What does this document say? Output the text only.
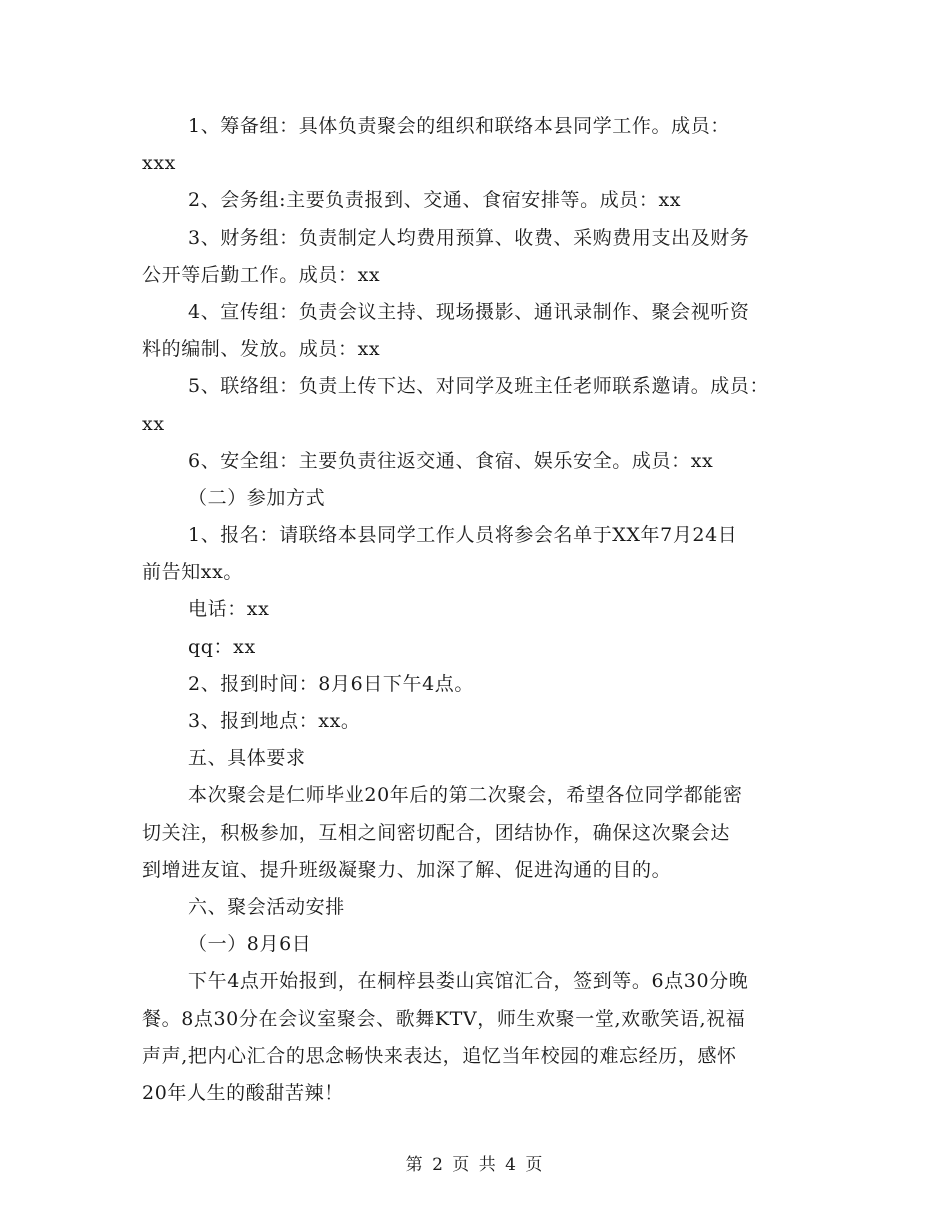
1、筹备组：具体负责聚会的组织和联络本县同学工作。成员：
xxx
2、会务组:主要负责报到、交通、食宿安排等。成员：xx
3、财务组：负责制定人均费用预算、收费、采购费用支出及财务
公开等后勤工作。成员：xx
4、宣传组：负责会议主持、现场摄影、通讯录制作、聚会视听资
料的编制、发放。成员：xx
5、联络组：负责上传下达、对同学及班主任老师联系邀请。成员：
xx
6、安全组：主要负责往返交通、食宿、娱乐安全。成员：xx
（二）参加方式
1、报名：请联络本县同学工作人员将参会名单于XX年7月24日
前告知xx。
电话：xx
qq：xx
2、报到时间：8月6日下午4点。
3、报到地点：xx。
五、具体要求
本次聚会是仁师毕业20年后的第二次聚会，希望各位同学都能密
切关注，积极参加，互相之间密切配合，团结协作，确保这次聚会达
到增进友谊、提升班级凝聚力、加深了解、促进沟通的目的。
六、聚会活动安排
（一）8月6日
下午4点开始报到，在桐梓县娄山宾馆汇合，签到等。6点30分晚
餐。8点30分在会议室聚会、歌舞KTV，师生欢聚一堂,欢歌笑语,祝福
声声,把内心汇合的思念畅快来表达，追忆当年校园的难忘经历，感怀
20年人生的酸甜苦辣！
第 2 页 共 4 页
